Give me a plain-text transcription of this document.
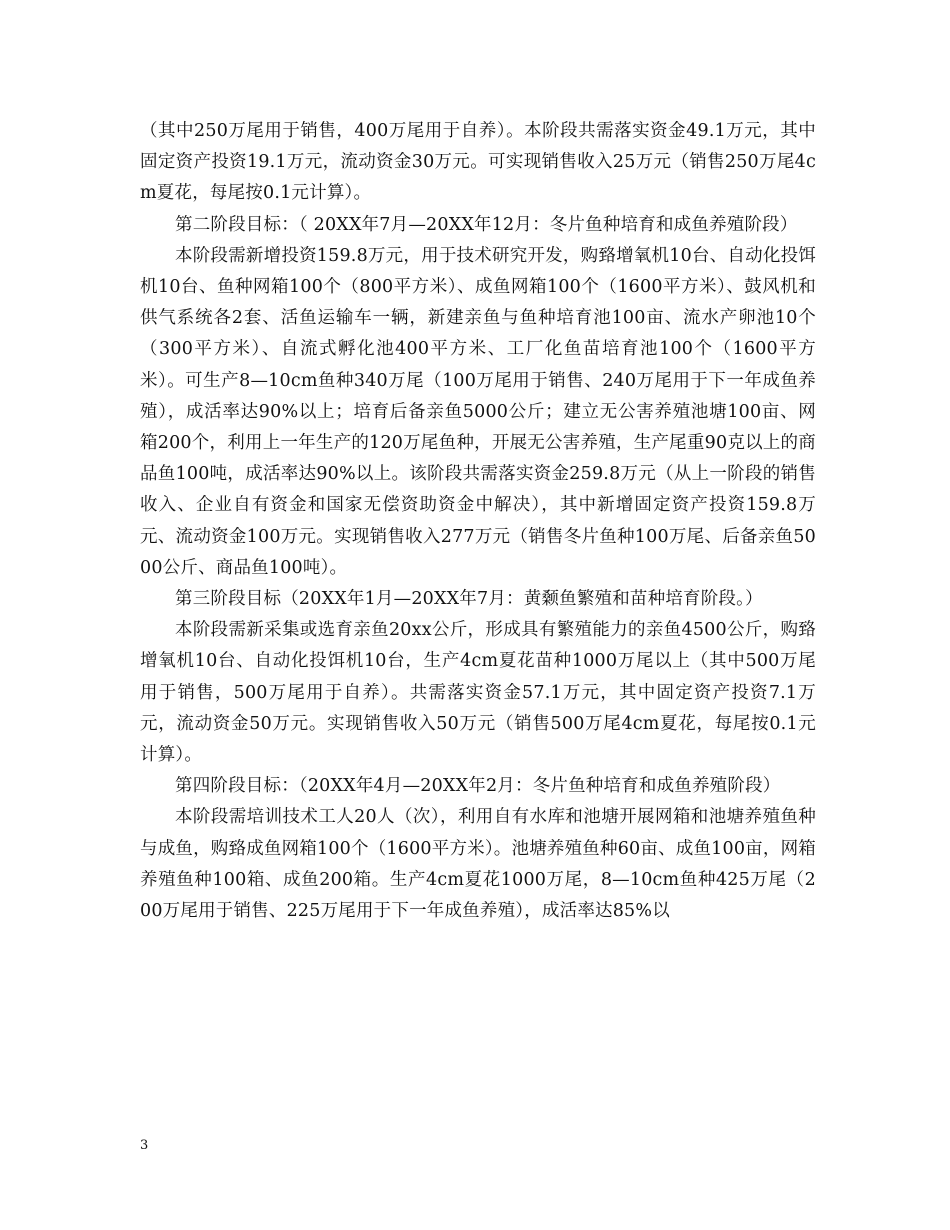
（其中250万尾用于销售，400万尾用于自养）。本阶段共需落实资金49.1万元，其中固定资产投资19.1万元，流动资金30万元。可实现销售收入25万元（销售250万尾4cm夏花，每尾按0.1元计算）。

第二阶段目标：（ 20XX年7月—20XX年12月：冬片鱼种培育和成鱼养殖阶段）

本阶段需新增投资159.8万元，用于技术研究开发，购臵增氧机10台、自动化投饵机10台、鱼种网箱100个（800平方米）、成鱼网箱100个（1600平方米）、鼓风机和供气系统各2套、活鱼运输车一辆，新建亲鱼与鱼种培育池100亩、流水产卵池10个（300平方米）、自流式孵化池400平方米、工厂化鱼苗培育池100个（1600平方米）。可生产8—10cm鱼种340万尾（100万尾用于销售、240万尾用于下一年成鱼养殖），成活率达90%以上；培育后备亲鱼5000公斤；建立无公害养殖池塘100亩、网箱200个，利用上一年生产的120万尾鱼种，开展无公害养殖，生产尾重90克以上的商品鱼100吨，成活率达90%以上。该阶段共需落实资金259.8万元（从上一阶段的销售收入、企业自有资金和国家无偿资助资金中解决），其中新增固定资产投资159.8万元、流动资金100万元。实现销售收入277万元（销售冬片鱼种100万尾、后备亲鱼5000公斤、商品鱼100吨）。

第三阶段目标（20XX年1月—20XX年7月：黄颡鱼繁殖和苗种培育阶段。）

本阶段需新采集或选育亲鱼20xx公斤，形成具有繁殖能力的亲鱼4500公斤，购臵增氧机10台、自动化投饵机10台，生产4cm夏花苗种1000万尾以上（其中500万尾用于销售，500万尾用于自养）。共需落实资金57.1万元，其中固定资产投资7.1万元，流动资金50万元。实现销售收入50万元（销售500万尾4cm夏花，每尾按0.1元计算）。

第四阶段目标：（20XX年4月—20XX年2月：冬片鱼种培育和成鱼养殖阶段）

本阶段需培训技术工人20人（次），利用自有水库和池塘开展网箱和池塘养殖鱼种与成鱼，购臵成鱼网箱100个（1600平方米）。池塘养殖鱼种60亩、成鱼100亩，网箱养殖鱼种100箱、成鱼200箱。生产4cm夏花1000万尾，8—10cm鱼种425万尾（200万尾用于销售、225万尾用于下一年成鱼养殖），成活率达85%以

3
